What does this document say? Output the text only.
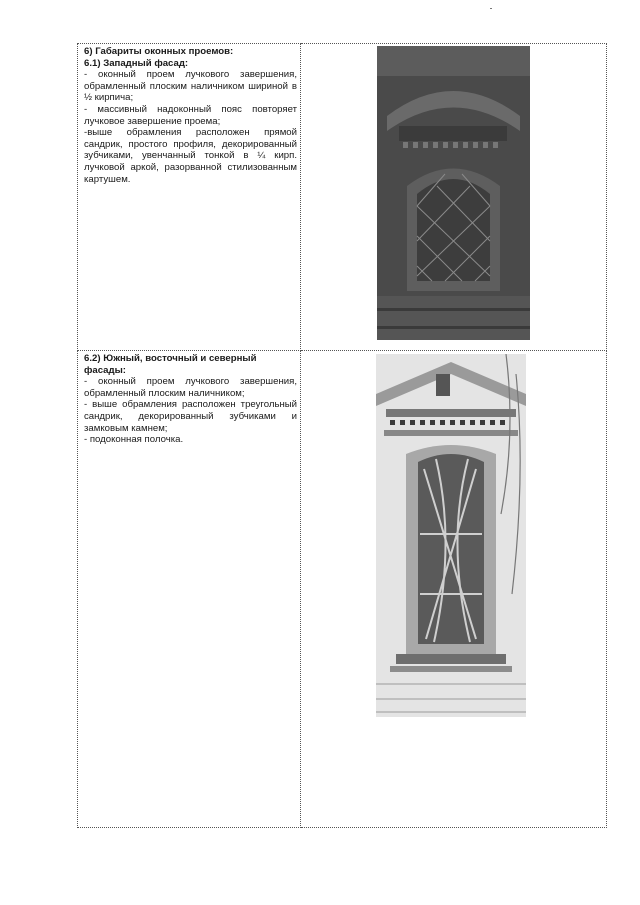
6) Габариты оконных проемов:

6.1) Западный фасад:

- оконный проем лучкового завершения, обрамленный плоским наличником шириной в ½ кирпича;

- массивный надоконный пояс повторяет лучковое завершение проема;

-выше обрамления расположен прямой сандрик, простого профиля, декорированный зубчиками, увенчанный тонкой в ¼ кирп. лучковой аркой, разорванной стилизованным картушем.

6.2) Южный, восточный и северный фасады:

- оконный проем лучкового завершения, обрамленный плоским наличником;

- выше обрамления расположен треугольный сандрик, декорированный зубчиками и замковым камнем;

- подоконная полочка.
